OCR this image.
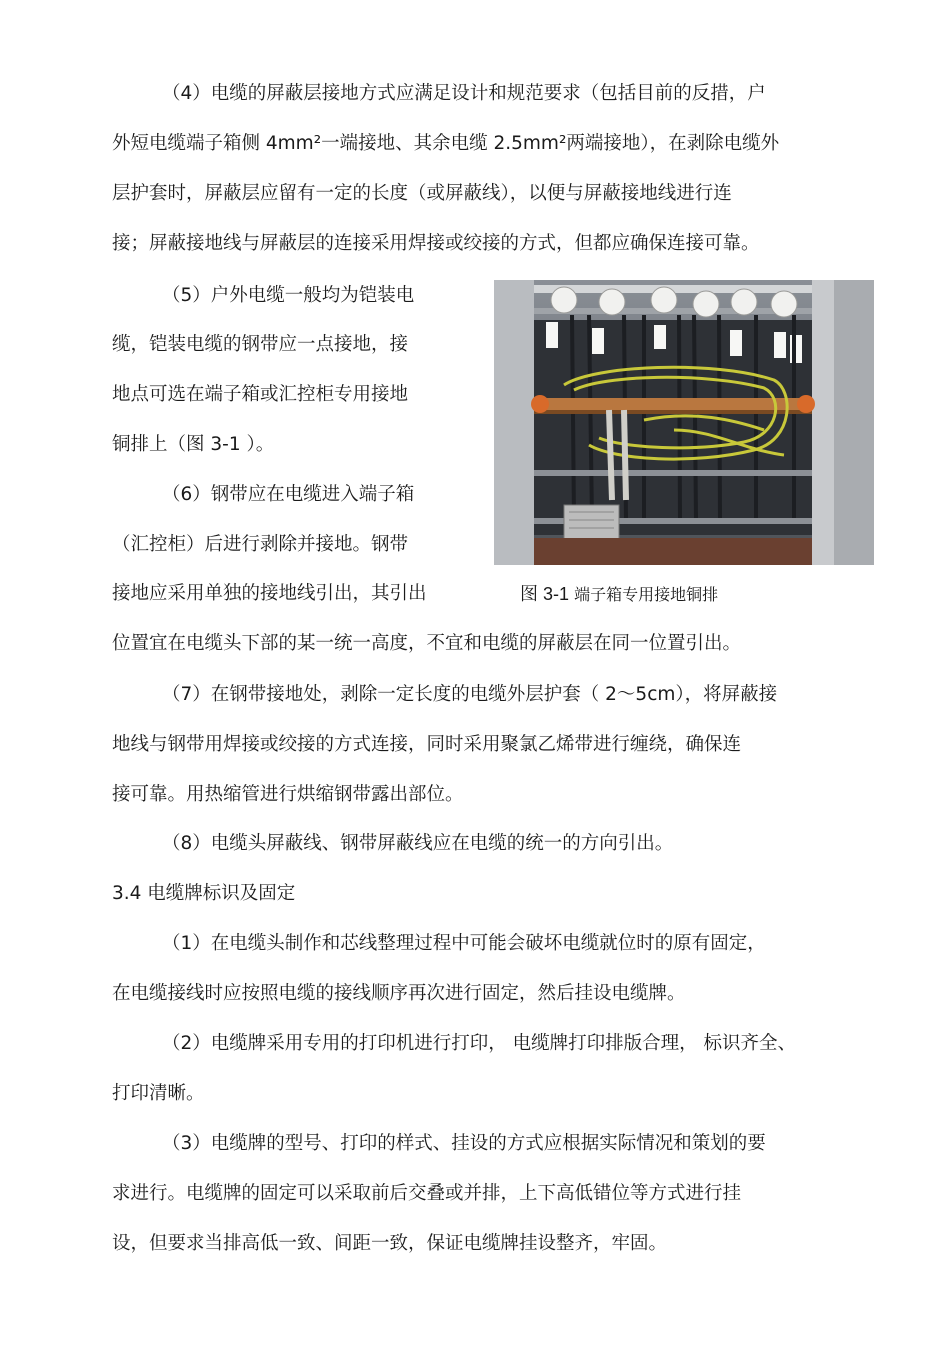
（4）电缆的屏蔽层接地方式应满足设计和规范要求（包括目前的反措，户
外短电缆端子箱侧 4mm²一端接地、其余电缆 2.5mm²两端接地），在剥除电缆外
层护套时，屏蔽层应留有一定的长度（或屏蔽线），以便与屏蔽接地线进行连
接；屏蔽接地线与屏蔽层的连接采用焊接或绞接的方式，但都应确保连接可靠。
（5）户外电缆一般均为铠装电
缆，铠装电缆的钢带应一点接地，接
地点可选在端子箱或汇控柜专用接地
铜排上（图 3-1 ）。
（6）钢带应在电缆进入端子箱
（汇控柜）后进行剥除并接地。钢带
接地应采用单独的接地线引出，其引出
位置宜在电缆头下部的某一统一高度，不宜和电缆的屏蔽层在同一位置引出。
图 3-1 端子箱专用接地铜排
（7）在钢带接地处，剥除一定长度的电缆外层护套（ 2～5cm），将屏蔽接
地线与钢带用焊接或绞接的方式连接，同时采用聚氯乙烯带进行缠绕，确保连
接可靠。用热缩管进行烘缩钢带露出部位。
（8）电缆头屏蔽线、钢带屏蔽线应在电缆的统一的方向引出。
3.4 电缆牌标识及固定
（1）在电缆头制作和芯线整理过程中可能会破坏电缆就位时的原有固定，
在电缆接线时应按照电缆的接线顺序再次进行固定，然后挂设电缆牌。
（2）电缆牌采用专用的打印机进行打印， 电缆牌打印排版合理， 标识齐全、
打印清晰。
（3）电缆牌的型号、打印的样式、挂设的方式应根据实际情况和策划的要
求进行。电缆牌的固定可以采取前后交叠或并排，上下高低错位等方式进行挂
设，但要求当排高低一致、间距一致，保证电缆牌挂设整齐，牢固。
